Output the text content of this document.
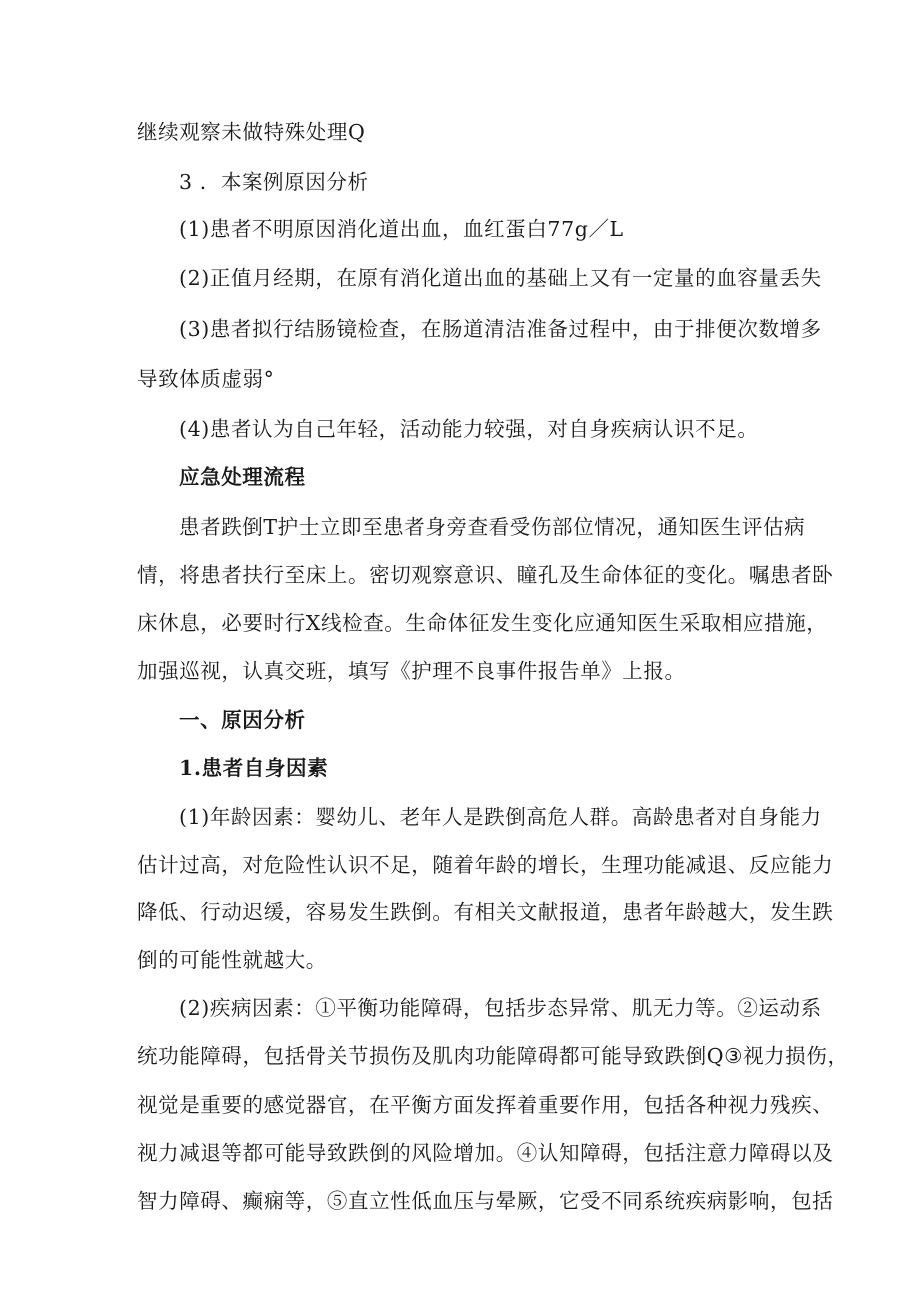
继续观察未做特殊处理Q

3 ．本案例原因分析

(1)患者不明原因消化道出血，血红蛋白77g／L

(2)正值月经期，在原有消化道出血的基础上又有一定量的血容量丢失

(3)患者拟行结肠镜检查，在肠道清洁准备过程中，由于排便次数增多

导致体质虚弱°

(4)患者认为自己年轻，活动能力较强，对自身疾病认识不足。

应急处理流程

患者跌倒T护士立即至患者身旁查看受伤部位情况，通知医生评估病

情，将患者扶行至床上。密切观察意识、瞳孔及生命体征的变化。嘱患者卧

床休息，必要时行X线检查。生命体征发生变化应通知医生采取相应措施，

加强巡视，认真交班，填写《护理不良事件报告单》上报。

一、原因分析

1.患者自身因素

(1)年龄因素：婴幼儿、老年人是跌倒高危人群。高龄患者对自身能力

估计过高，对危险性认识不足，随着年龄的增长，生理功能减退、反应能力

降低、行动迟缓，容易发生跌倒。有相关文献报道，患者年龄越大，发生跌

倒的可能性就越大。

(2)疾病因素：①平衡功能障碍，包括步态异常、肌无力等。②运动系

统功能障碍，包括骨关节损伤及肌肉功能障碍都可能导致跌倒Q③视力损伤，

视觉是重要的感觉器官，在平衡方面发挥着重要作用，包括各种视力残疾、

视力减退等都可能导致跌倒的风险增加。④认知障碍，包括注意力障碍以及

智力障碍、癫痫等，⑤直立性低血压与晕厥，它受不同系统疾病影响，包括
